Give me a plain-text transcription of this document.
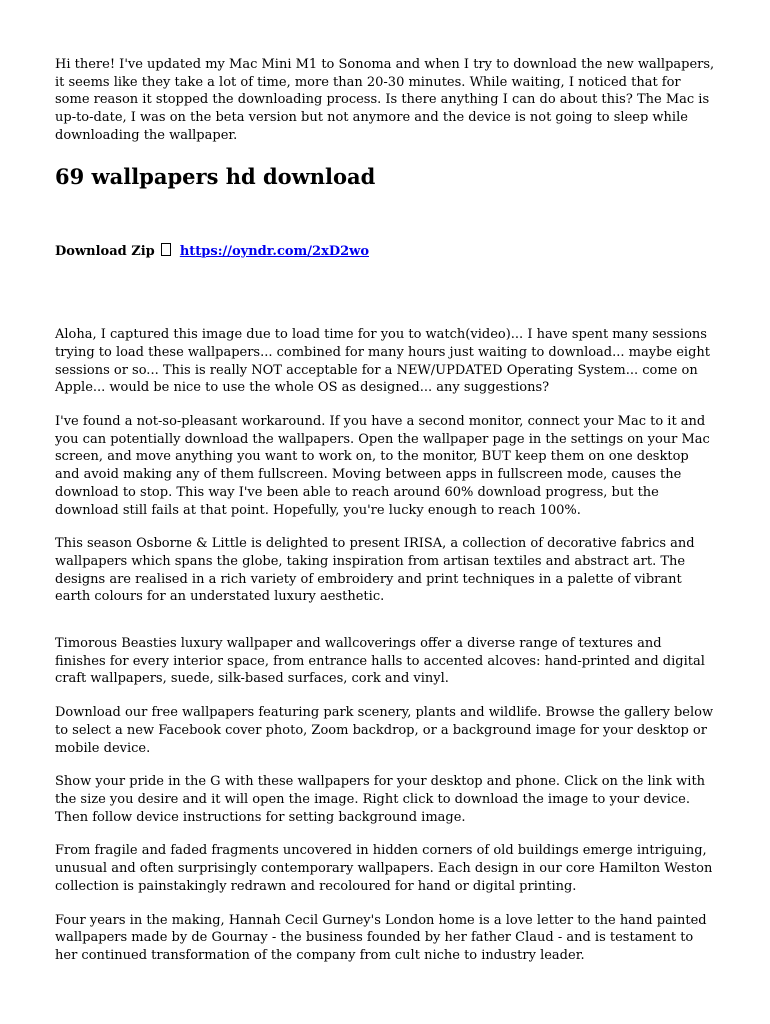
Hi there! I've updated my Mac Mini M1 to Sonoma and when I try to download the new wallpapers, it seems like they take a lot of time, more than 20-30 minutes. While waiting, I noticed that for some reason it stopped the downloading process. Is there anything I can do about this? The Mac is up-to-date, I was on the beta version but not anymore and the device is not going to sleep while downloading the wallpaper.

69 wallpapers hd download
Download Zip https://oyndr.com/2xD2wo

Aloha, I captured this image due to load time for you to watch(video)... I have spent many sessions trying to load these wallpapers... combined for many hours just waiting to download... maybe eight sessions or so... This is really NOT acceptable for a NEW/UPDATED Operating System... come on Apple... would be nice to use the whole OS as designed... any suggestions?

I've found a not-so-pleasant workaround. If you have a second monitor, connect your Mac to it and you can potentially download the wallpapers. Open the wallpaper page in the settings on your Mac screen, and move anything you want to work on, to the monitor, BUT keep them on one desktop and avoid making any of them fullscreen. Moving between apps in fullscreen mode, causes the download to stop. This way I've been able to reach around 60% download progress, but the download still fails at that point. Hopefully, you're lucky enough to reach 100%.

This season Osborne & Little is delighted to present IRISA, a collection of decorative fabrics and wallpapers which spans the globe, taking inspiration from artisan textiles and abstract art. The designs are realised in a rich variety of embroidery and print techniques in a palette of vibrant earth colours for an understated luxury aesthetic.

Timorous Beasties luxury wallpaper and wallcoverings offer a diverse range of textures and finishes for every interior space, from entrance halls to accented alcoves: hand-printed and digital craft wallpapers, suede, silk-based surfaces, cork and vinyl.

Download our free wallpapers featuring park scenery, plants and wildlife. Browse the gallery below to select a new Facebook cover photo, Zoom backdrop, or a background image for your desktop or mobile device.

Show your pride in the G with these wallpapers for your desktop and phone. Click on the link with the size you desire and it will open the image. Right click to download the image to your device. Then follow device instructions for setting background image.

From fragile and faded fragments uncovered in hidden corners of old buildings emerge intriguing, unusual and often surprisingly contemporary wallpapers. Each design in our core Hamilton Weston collection is painstakingly redrawn and recoloured for hand or digital printing.

Four years in the making, Hannah Cecil Gurney's London home is a love letter to the hand painted wallpapers made by de Gournay - the business founded by her father Claud - and is testament to her continued transformation of the company from cult niche to industry leader.
